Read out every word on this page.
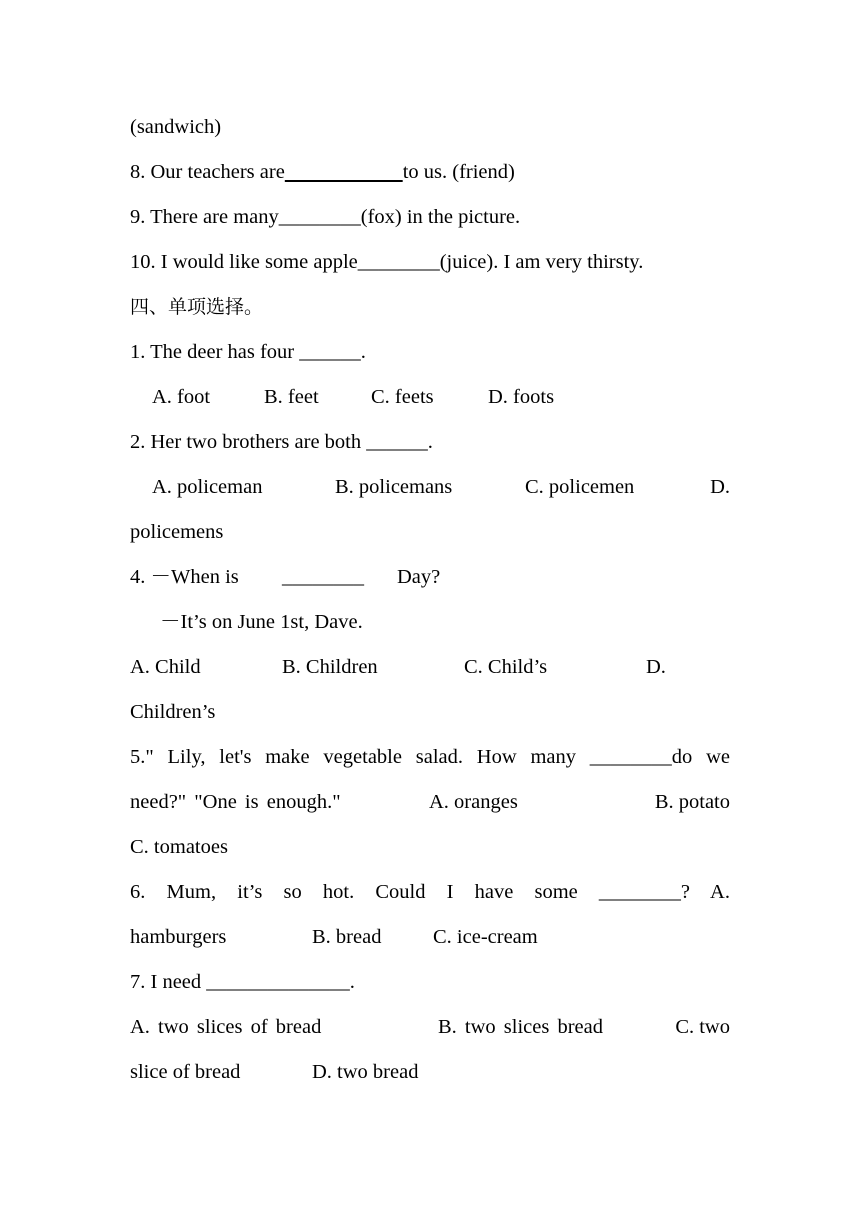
(sandwich)
8. Our teachers are	to us. (friend)
9. There are many________(fox) in the picture.
10. I would like some apple________(juice). I am very thirsty.
四、单项选择。
1. The deer has four ______.
A. foot	B. feet	C. feets	D. foots
2. Her two brothers are both ______.
A. policeman	B. policemans	C. policemen	D.
policemens
4. －When is ________ Day?
－It’s on June 1st, Dave.
A. Child	B. Children	C. Child’s	D.
Children’s
5." Lily, let's make vegetable salad. How many ________do we
need?" "One is enough."	A. oranges	B. potato
C. tomatoes
6. Mum, it’s so hot. Could I have some ________? A.
hamburgers	B. bread	C. ice-cream
7. I need ______________.
A. two slices of bread	B. two slices bread	C. two
slice of bread	D. two bread
